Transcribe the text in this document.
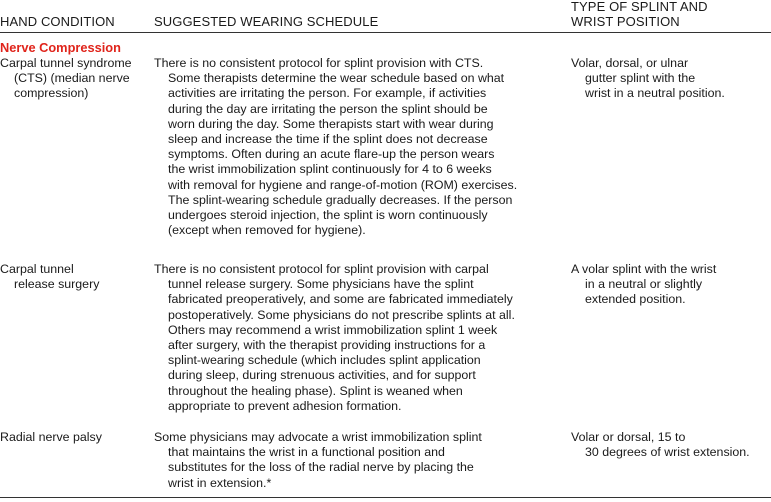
HAND CONDITION	SUGGESTED WEARING SCHEDULE
TYPE OF SPLINT AND
WRIST POSITION
Nerve Compression
Carpal tunnel syndrome
(CTS) (median nerve
compression)
There is no consistent protocol for splint provision with CTS.
Some therapists determine the wear schedule based on what
activities are irritating the person. For example, if activities
during the day are irritating the person the splint should be
worn during the day. Some therapists start with wear during
sleep and increase the time if the splint does not decrease
symptoms. Often during an acute flare-up the person wears
the wrist immobilization splint continuously for 4 to 6 weeks
with removal for hygiene and range-of-motion (ROM) exercises.
The splint-wearing schedule gradually decreases. If the person
undergoes steroid injection, the splint is worn continuously
(except when removed for hygiene).
Volar, dorsal, or ulnar
gutter splint with the
wrist in a neutral position.
Carpal tunnel
release surgery
There is no consistent protocol for splint provision with carpal
tunnel release surgery. Some physicians have the splint
fabricated preoperatively, and some are fabricated immediately
postoperatively. Some physicians do not prescribe splints at all.
Others may recommend a wrist immobilization splint 1 week
after surgery, with the therapist providing instructions for a
splint-wearing schedule (which includes splint application
during sleep, during strenuous activities, and for support
throughout the healing phase). Splint is weaned when
appropriate to prevent adhesion formation.
A volar splint with the wrist
in a neutral or slightly
extended position.
Radial nerve palsy	Some physicians may advocate a wrist immobilization splint
that maintains the wrist in a functional position and
substitutes for the loss of the radial nerve by placing the
wrist in extension.*
Volar or dorsal, 15 to
30 degrees of wrist extension.
